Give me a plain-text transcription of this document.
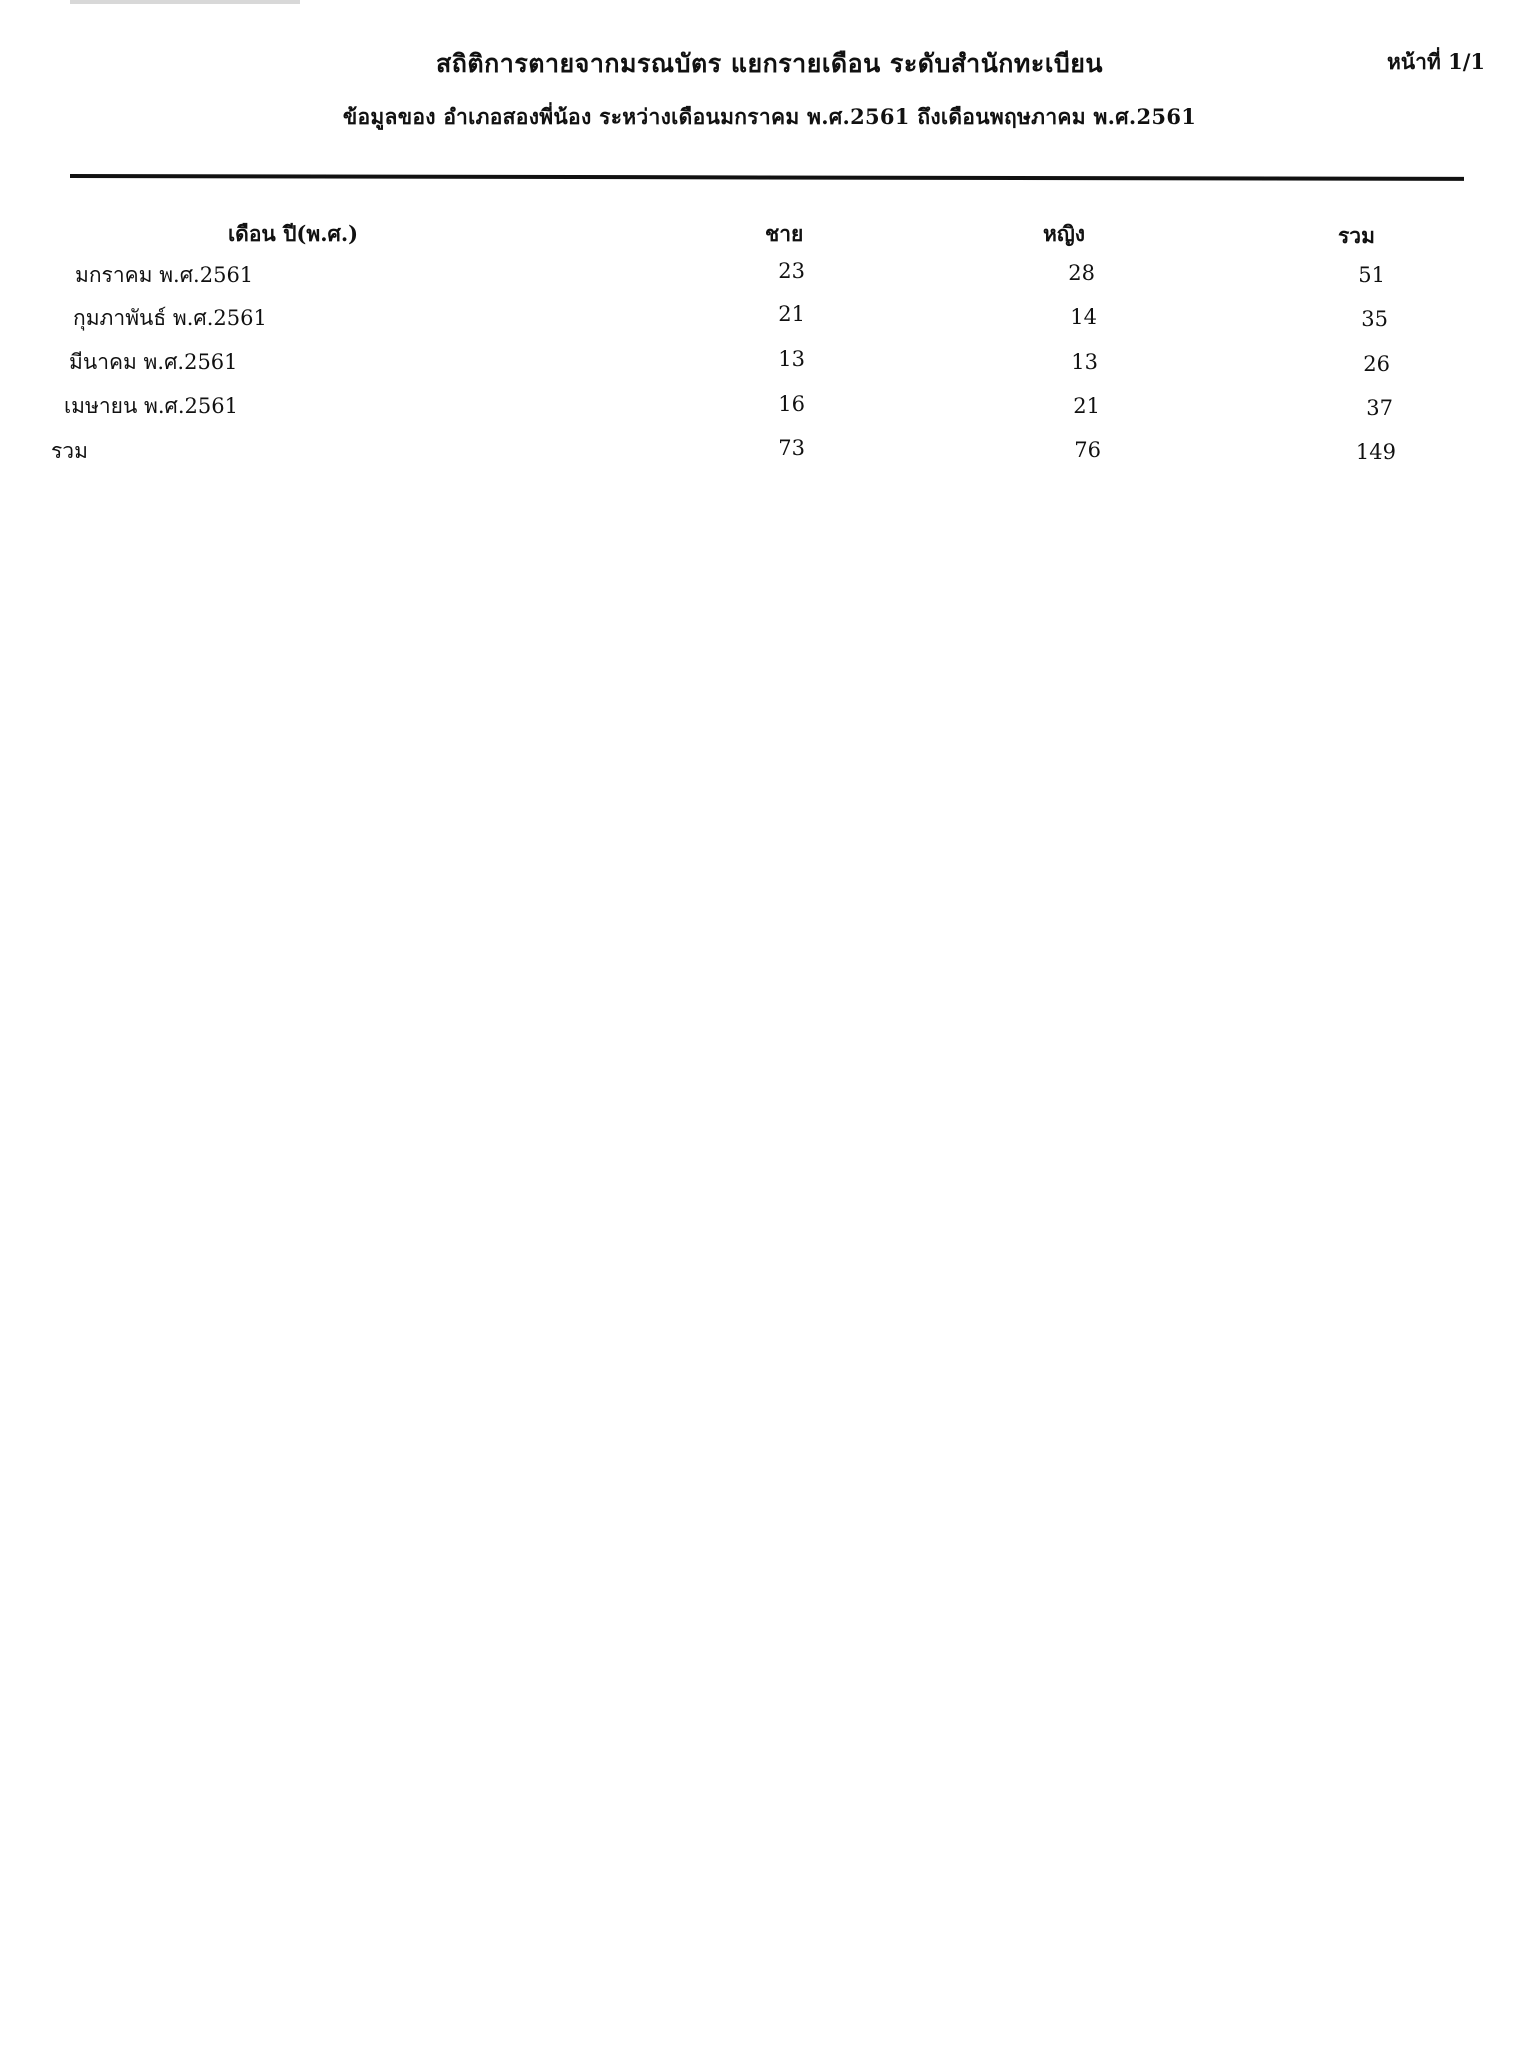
สถิติการตายจากมรณบัตร แยกรายเดือน ระดับสำนักทะเบียน	หน้าที่ 1/1
ข้อมูลของ อำเภอสองพี่น้อง ระหว่างเดือนมกราคม พ.ศ.2561 ถึงเดือนพฤษภาคม พ.ศ.2561
เดือน ปี(พ.ศ.)	ชาย	หญิง	รวม
มกราคม พ.ศ.2561	23	28	51
กุมภาพันธ์ พ.ศ.2561	21	14	35
มีนาคม พ.ศ.2561	13	13	26
เมษายน พ.ศ.2561	16	21	37
รวม	73	76	149
